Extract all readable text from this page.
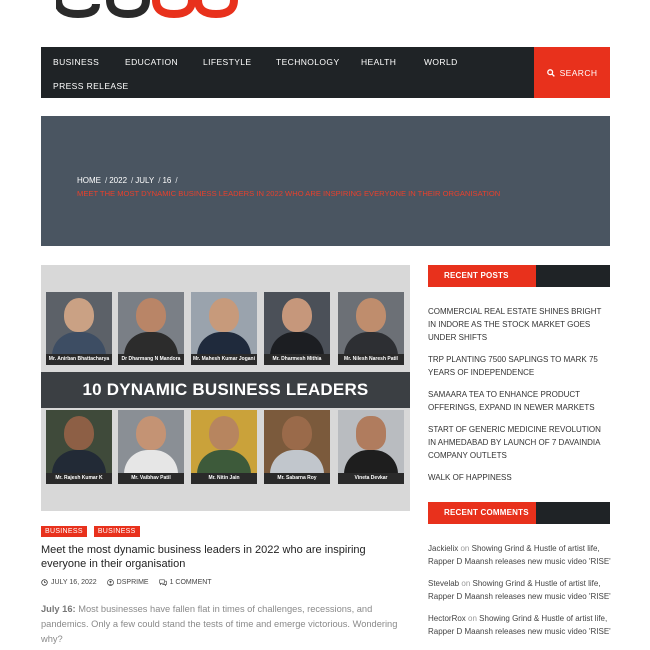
BUSINESS	EDUCATION	LIFESTYLE	TECHNOLOGY	HEALTH	WORLD
PRESS RELEASE
SEARCH
HOME / 2022 / JULY / 16 /
MEET THE MOST DYNAMIC BUSINESS LEADERS IN 2022 WHO ARE INSPIRING EVERYONE IN THEIR ORGANISATION
Mr. Anirban Bhattacharya	Dr Dharmang N Mandora	Mr. Mahesh Kumar Jogani	Mr. Dharmesh Mithia	Mr. Nilesh Naresh Patil
10 DYNAMIC BUSINESS LEADERS
Mr. Rajesh Kumar K	Mr. Vaibhav Patil	Mr. Nitin Jain	Mr. Sabarna Roy	Vineta Devkar
BUSINESS	BUSINESS
Meet the most dynamic business leaders in 2022 who are inspiring everyone in their organisation
JULY 16, 2022	DSPRIME	1 COMMENT
July 16: Most businesses have fallen flat in times of challenges, recessions, and pandemics. Only a few could stand the tests of time and emerge victorious. Wondering why?
RECENT POSTS
COMMERCIAL REAL ESTATE SHINES BRIGHT IN INDORE AS THE STOCK MARKET GOES UNDER SHIFTS
TRP PLANTING 7500 SAPLINGS TO MARK 75 YEARS OF INDEPENDENCE
SAMAARA TEA TO ENHANCE PRODUCT OFFERINGS, EXPAND IN NEWER MARKETS
START OF GENERIC MEDICINE REVOLUTION IN AHMEDABAD BY LAUNCH OF 7 DAVAINDIA COMPANY OUTLETS
WALK OF HAPPINESS
RECENT COMMENTS
Jackielix on Showing Grind & Hustle of artist life, Rapper D Maansh releases new music video 'RISE'
Stevelab on Showing Grind & Hustle of artist life, Rapper D Maansh releases new music video 'RISE'
HectorRox on Showing Grind & Hustle of artist life, Rapper D Maansh releases new music video 'RISE'
